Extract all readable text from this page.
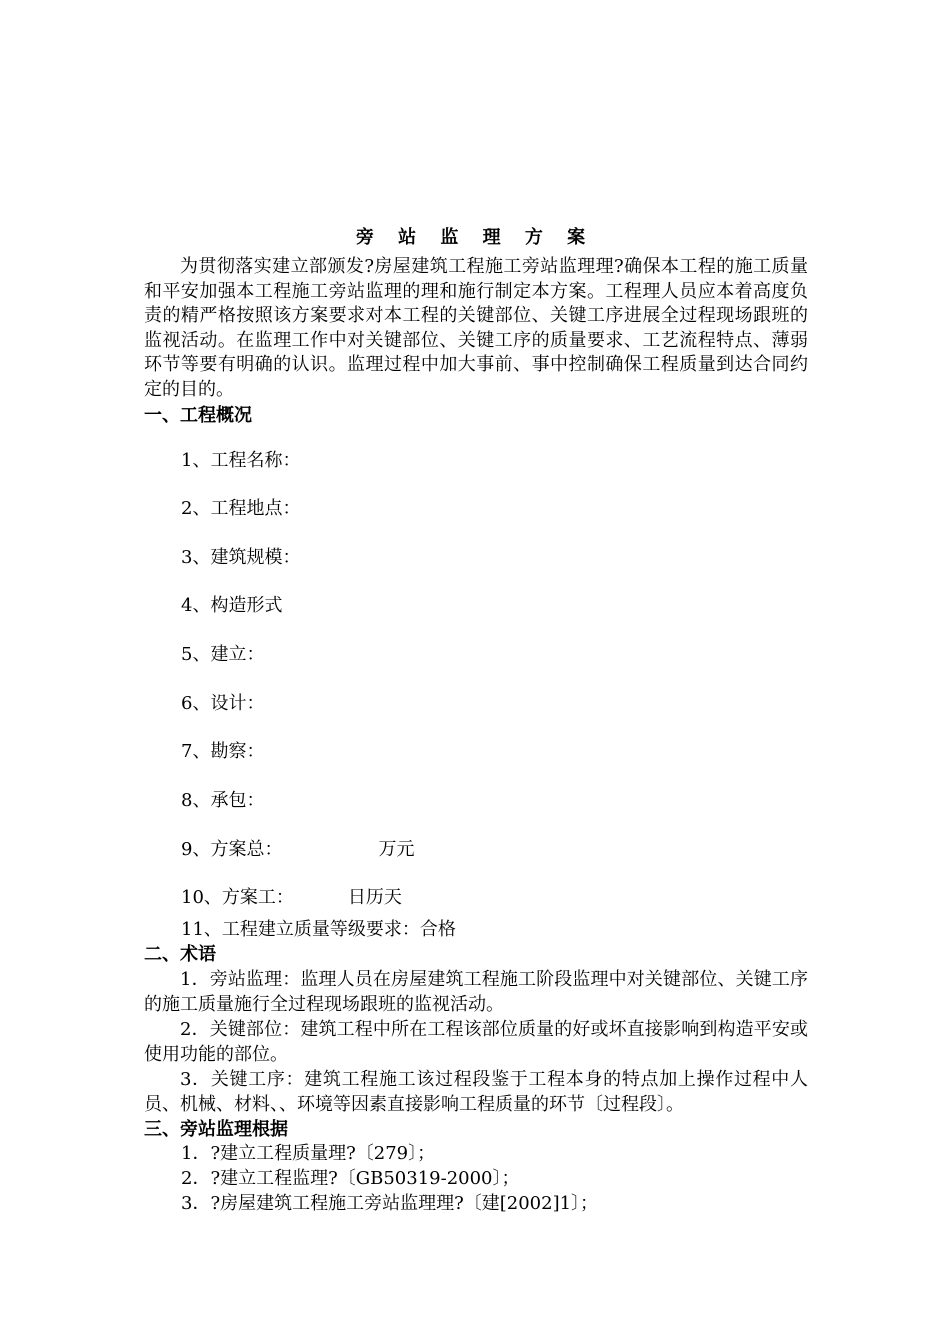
旁 站 监 理 方 案
为贯彻落实建立部颁发?房屋建筑工程施工旁站监理理?确保本工程的施工质量和平安加强本工程施工旁站监理的理和施行制定本方案。工程理人员应本着高度负责的精严格按照该方案要求对本工程的关键部位、关键工序进展全过程现场跟班的监视活动。在监理工作中对关键部位、关键工序的质量要求、工艺流程特点、薄弱环节等要有明确的认识。监理过程中加大事前、事中控制确保工程质量到达合同约定的目的。
一、工程概况
1、工程名称：
2、工程地点：
3、建筑规模：
4、构造形式
5、建立：
6、设计：
7、勘察：
8、承包：
9、方案总：	万元
10、方案工：	日历天
11、工程建立质量等级要求：合格
二、术语
1．旁站监理：监理人员在房屋建筑工程施工阶段监理中对关键部位、关键工序的施工质量施行全过程现场跟班的监视活动。
2．关键部位：建筑工程中所在工程该部位质量的好或坏直接影响到构造平安或使用功能的部位。
3．关键工序：建筑工程施工该过程段鉴于工程本身的特点加上操作过程中人员、机械、材料、、环境等因素直接影响工程质量的环节〔过程段〕。
三、旁站监理根据
1．?建立工程质量理?〔279〕；
2．?建立工程监理?〔GB50319-2000〕；
3．?房屋建筑工程施工旁站监理理?〔建[2002]1〕；
